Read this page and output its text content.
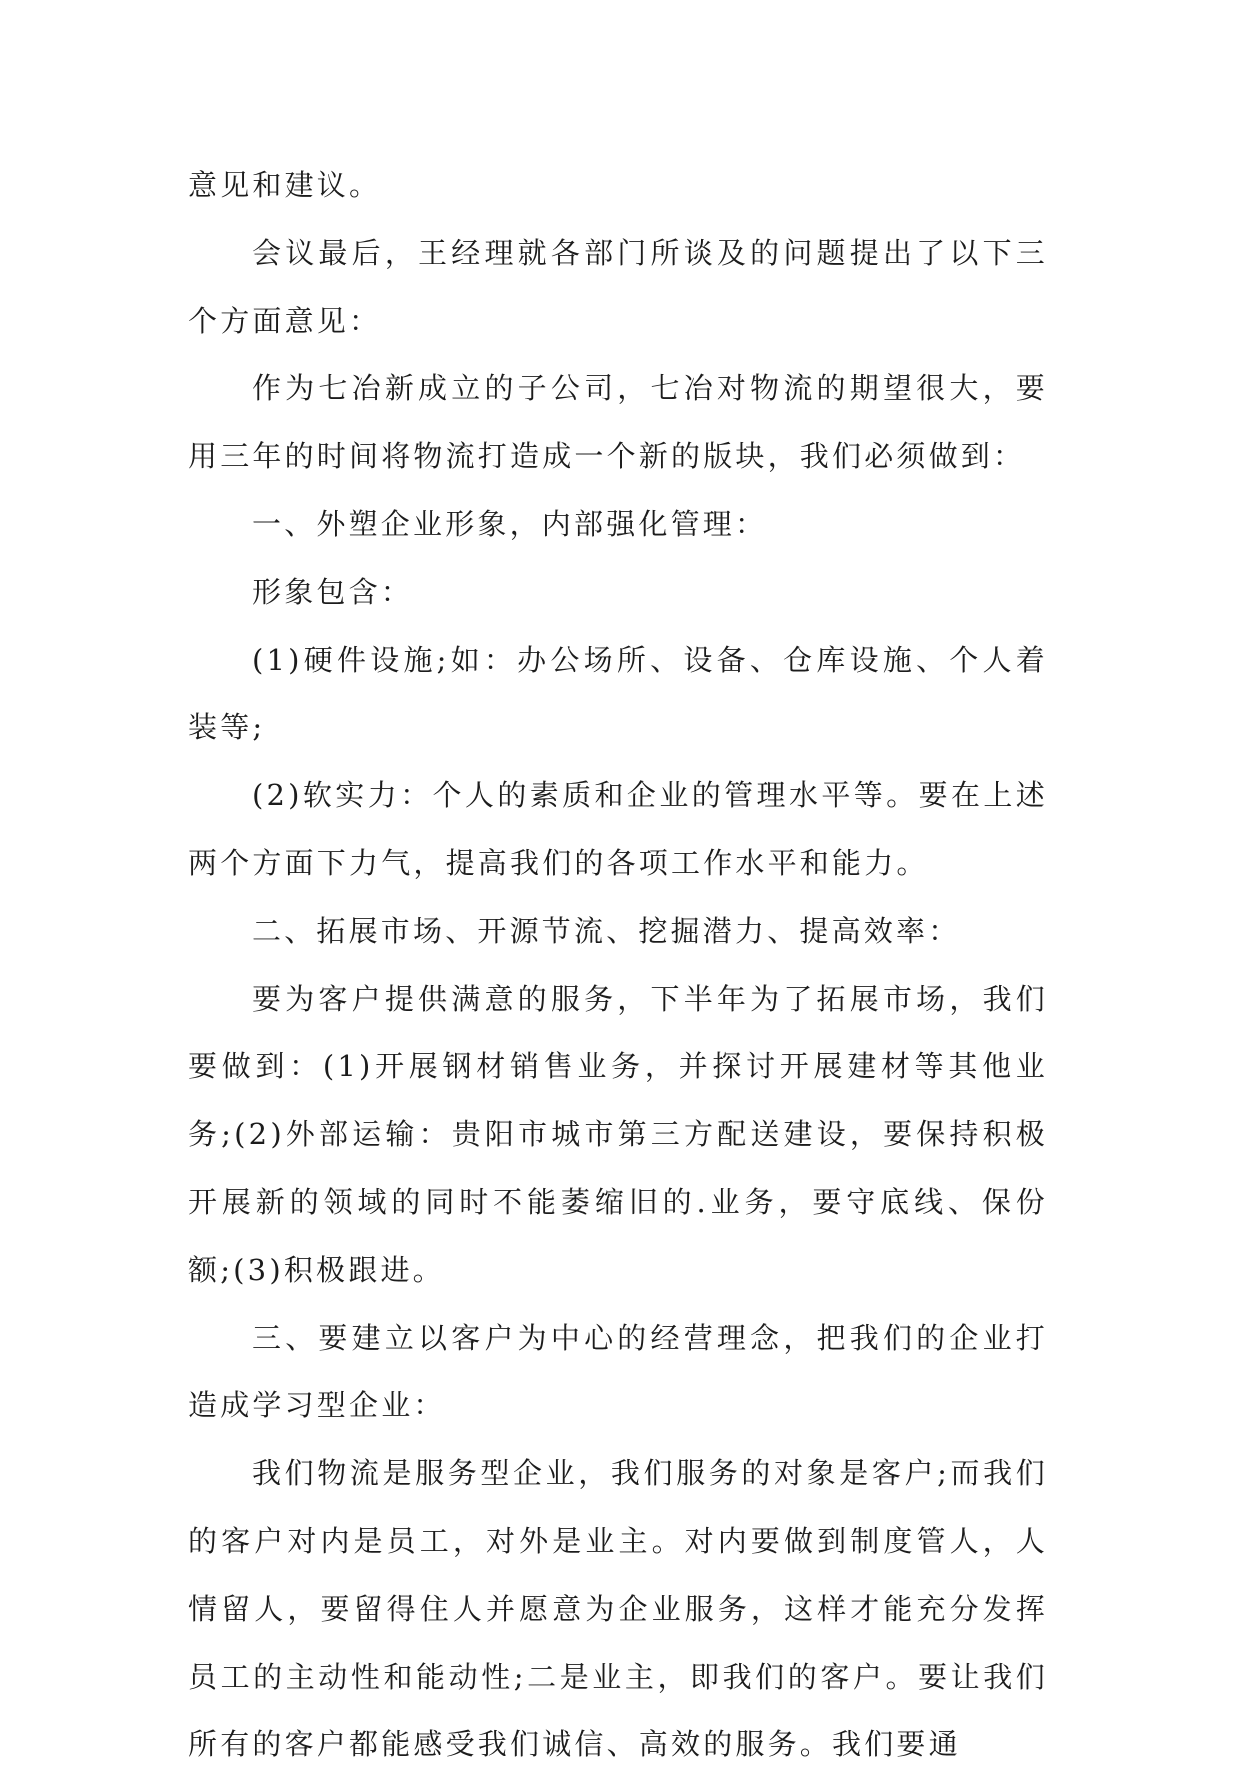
意见和建议。

会议最后，王经理就各部门所谈及的问题提出了以下三个方面意见：

作为七冶新成立的子公司，七冶对物流的期望很大，要用三年的时间将物流打造成一个新的版块，我们必须做到：

一、外塑企业形象，内部强化管理：

形象包含：

(1)硬件设施;如：办公场所、设备、仓库设施、个人着装等;

(2)软实力：个人的素质和企业的管理水平等。要在上述两个方面下力气，提高我们的各项工作水平和能力。

二、拓展市场、开源节流、挖掘潜力、提高效率：

要为客户提供满意的服务，下半年为了拓展市场，我们要做到：(1)开展钢材销售业务，并探讨开展建材等其他业务;(2)外部运输：贵阳市城市第三方配送建设，要保持积极开展新的领域的同时不能萎缩旧的.业务，要守底线、保份额;(3)积极跟进。

三、要建立以客户为中心的经营理念，把我们的企业打造成学习型企业：

我们物流是服务型企业，我们服务的对象是客户;而我们的客户对内是员工，对外是业主。对内要做到制度管人，人情留人，要留得住人并愿意为企业服务，这样才能充分发挥员工的主动性和能动性;二是业主，即我们的客户。要让我们所有的客户都能感受我们诚信、高效的服务。我们要通
